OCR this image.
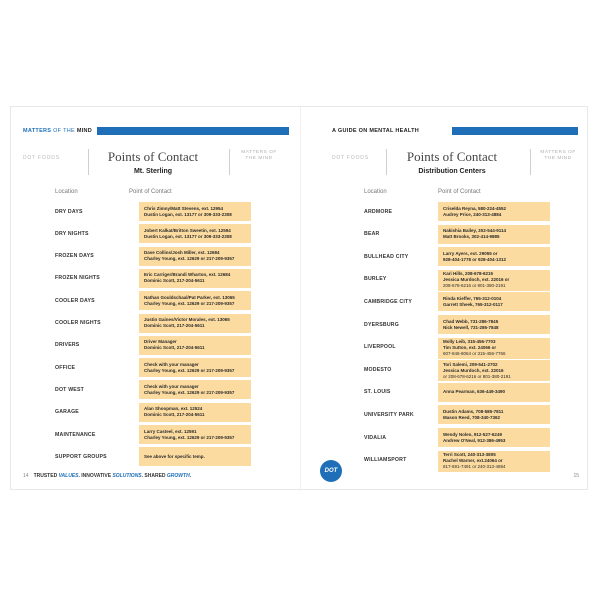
MATTERS OF THE MIND
DOT FOODS	Points of Contact
Mt. Sterling
MATTERS OF THE MIND
Location	Point of Contact
DRY DAYS
Chris Zimny/Matt Stevens, ext. 12954
Dustin Logan, ext. 13177 or 309-333-2308
DRY NIGHTS
Jobert Kalkat/Britton Sweetin, ext. 12594
Dustin Logan, ext. 13177 or 309-333-2308
FROZEN DAYS
Dave Collins/Josh Miller, ext. 12684
Charley Young, ext. 12629 or 217-209-9357
FROZEN NIGHTS
Eric Carriger/Brandi Wharton, ext. 12684
Dominic Scott, 217-204-5611
COOLER DAYS
Nathan Gouldschaal/Pat Parker, ext. 13065
Charley Young, ext. 12629 or 217-209-9357
COOLER NIGHTS
Justin Gaines/Victor Morales, ext. 13065
Dominic Scott, 217-204-5611
DRIVERS
Driver Manager
Dominic Scott, 217-204-5611
OFFICE
Check with your manager
Charley Young, ext. 12629 or 217-209-9357
DOT WEST
Check with your manager
Charley Young, ext. 12629 or 217-209-9357
GARAGE
Alan Shoopman, ext. 12524
Dominic Scott, 217-204-5611
MAINTENANCE
Larry Casteel, ext. 12591
Charley Young, ext. 12629 or 217-209-9357
SUPPORT GROUPS	See above for specific temp.
14 TRUSTED VALUES. INNOVATIVE SOLUTIONS. SHARED GROWTH.
A GUIDE ON MENTAL HEALTH
DOT FOODS	Points of Contact
Distribution Centers
MATTERS OF THE MIND
Location	Point of Contact
ARDMORE
Criselda Reyna, 580-224-4552
Audrey Price, 240-313-4884
BEAR
Nakishia Bailey, 302-544-9114
Matt Brooks, 302-414-9885
BULLHEAD CITY
Larry Ayers, ext. 29055 or
928-404-1778 or 928-404-1312
BURLEY
Kari Hills, 208-678-6215
Jessica Murdoch, ext. 22016 or
208-678-6216 or 801-380-2191
CAMBRIDGE CITY
Rinda Kieffer, 765-312-0104
Garrett Sheek, 765-312-0117
DYERSBURG
Chad Webb, 731-286-7845
Nick Newell, 731-286-7848
LIVERPOOL
Molly Leib, 315-456-7703
Tim Sutton, ext. 24066 or
607-846-8064 or 315-456-7766
MODESTO
Tori Salemi, 209-541-2702
Jessica Murdoch, ext. 22016
or 208-678-6216 or 801-380-2191
ST. LOUIS	Anna Pearman, 636-449-3490
UNIVERSITY PARK
Dustin Adams, 708-585-7811
Mason Reed, 708-340-7362
VIDALIA
Wendy Nolen, 912-527-6249
Andrew O'Neal, 912-386-4953
WILLIAMSPORT
Terri Scott, 240-313-3805
Rachel Warner, ext.24064 or
817-691-7491 or 240-313-4884
15
DOT
